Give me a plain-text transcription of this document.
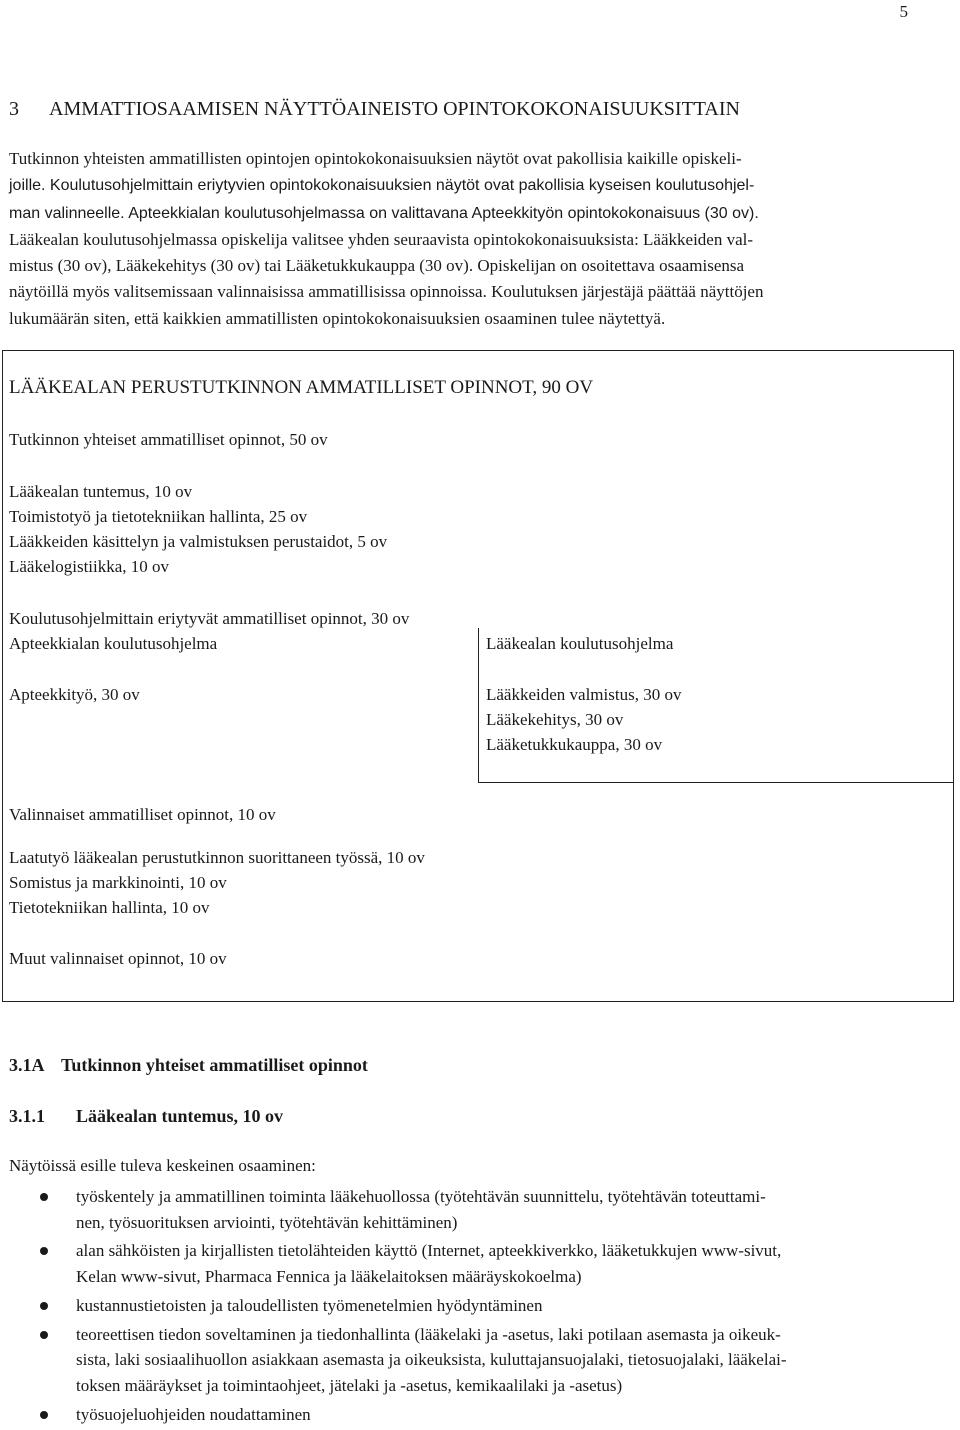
5
3 AMMATTIOSAAMISEN NÄYTTÖAINEISTO OPINTOKOKONAISUUKSITTAIN

Tutkinnon yhteisten ammatillisten opintojen opintokokonaisuuksien näytöt ovat pakollisia kaikille opiskeli-
joille. Koulutusohjelmittain eriytyvien opintokokonaisuuksien näytöt ovat pakollisia kyseisen koulutusohjel-
man valinneelle. Apteekkialan koulutusohjelmassa on valittavana Apteekkityön opintokokonaisuus (30 ov).
Lääkealan koulutusohjelmassa opiskelija valitsee yhden seuraavista opintokokonaisuuksista: Lääkkeiden val-
mistus (30 ov), Lääkekehitys (30 ov) tai Lääketukkukauppa (30 ov). Opiskelijan on osoitettava osaamisensa
näytöillä myös valitsemissaan valinnaisissa ammatillisissa opinnoissa. Koulutuksen järjestäjä päättää näyttöjen
lukumäärän siten, että kaikkien ammatillisten opintokokonaisuuksien osaaminen tulee näytettyä.

LÄÄKEALAN PERUSTUTKINNON AMMATILLISET OPINNOT, 90 OV
Tutkinnon yhteiset ammatilliset opinnot, 50 ov
Lääkealan tuntemus, 10 ov
Toimistotyö ja tietotekniikan hallinta, 25 ov
Lääkkeiden käsittelyn ja valmistuksen perustaidot, 5 ov
Lääkelogistiikka, 10 ov
Koulutusohjelmittain eriytyvät ammatilliset opinnot, 30 ov
Apteekkialan koulutusohjelma	Lääkealan koulutusohjelma
Apteekkityö, 30 ov	Lääkkeiden valmistus, 30 ov
Lääkekehitys, 30 ov
Lääketukkukauppa, 30 ov
Valinnaiset ammatilliset opinnot, 10 ov
Laatutyö lääkealan perustutkinnon suorittaneen työssä, 10 ov
Somistus ja markkinointi, 10 ov
Tietotekniikan hallinta, 10 ov
Muut valinnaiset opinnot, 10 ov
3.1A Tutkinnon yhteiset ammatilliset opinnot
3.1.1 Lääkealan tuntemus, 10 ov
Näytöissä esille tuleva keskeinen osaaminen:
työskentely ja ammatillinen toiminta lääkehuollossa (työtehtävän suunnittelu, työtehtävän toteuttami-
nen, työsuorituksen arviointi, työtehtävän kehittäminen)
alan sähköisten ja kirjallisten tietolähteiden käyttö (Internet, apteekkiverkko, lääketukkujen www-sivut,
Kelan www-sivut, Pharmaca Fennica ja lääkelaitoksen määräyskokoelma)
kustannustietoisten ja taloudellisten työmenetelmien hyödyntäminen
teoreettisen tiedon soveltaminen ja tiedonhallinta (lääkelaki ja -asetus, laki potilaan asemasta ja oikeuk-
sista, laki sosiaalihuollon asiakkaan asemasta ja oikeuksista, kuluttajansuojalaki, tietosuojalaki, lääkelai-
toksen määräykset ja toimintaohjeet, jätelaki ja -asetus, kemikaalilaki ja -asetus)
työsuojeluohjeiden noudattaminen
